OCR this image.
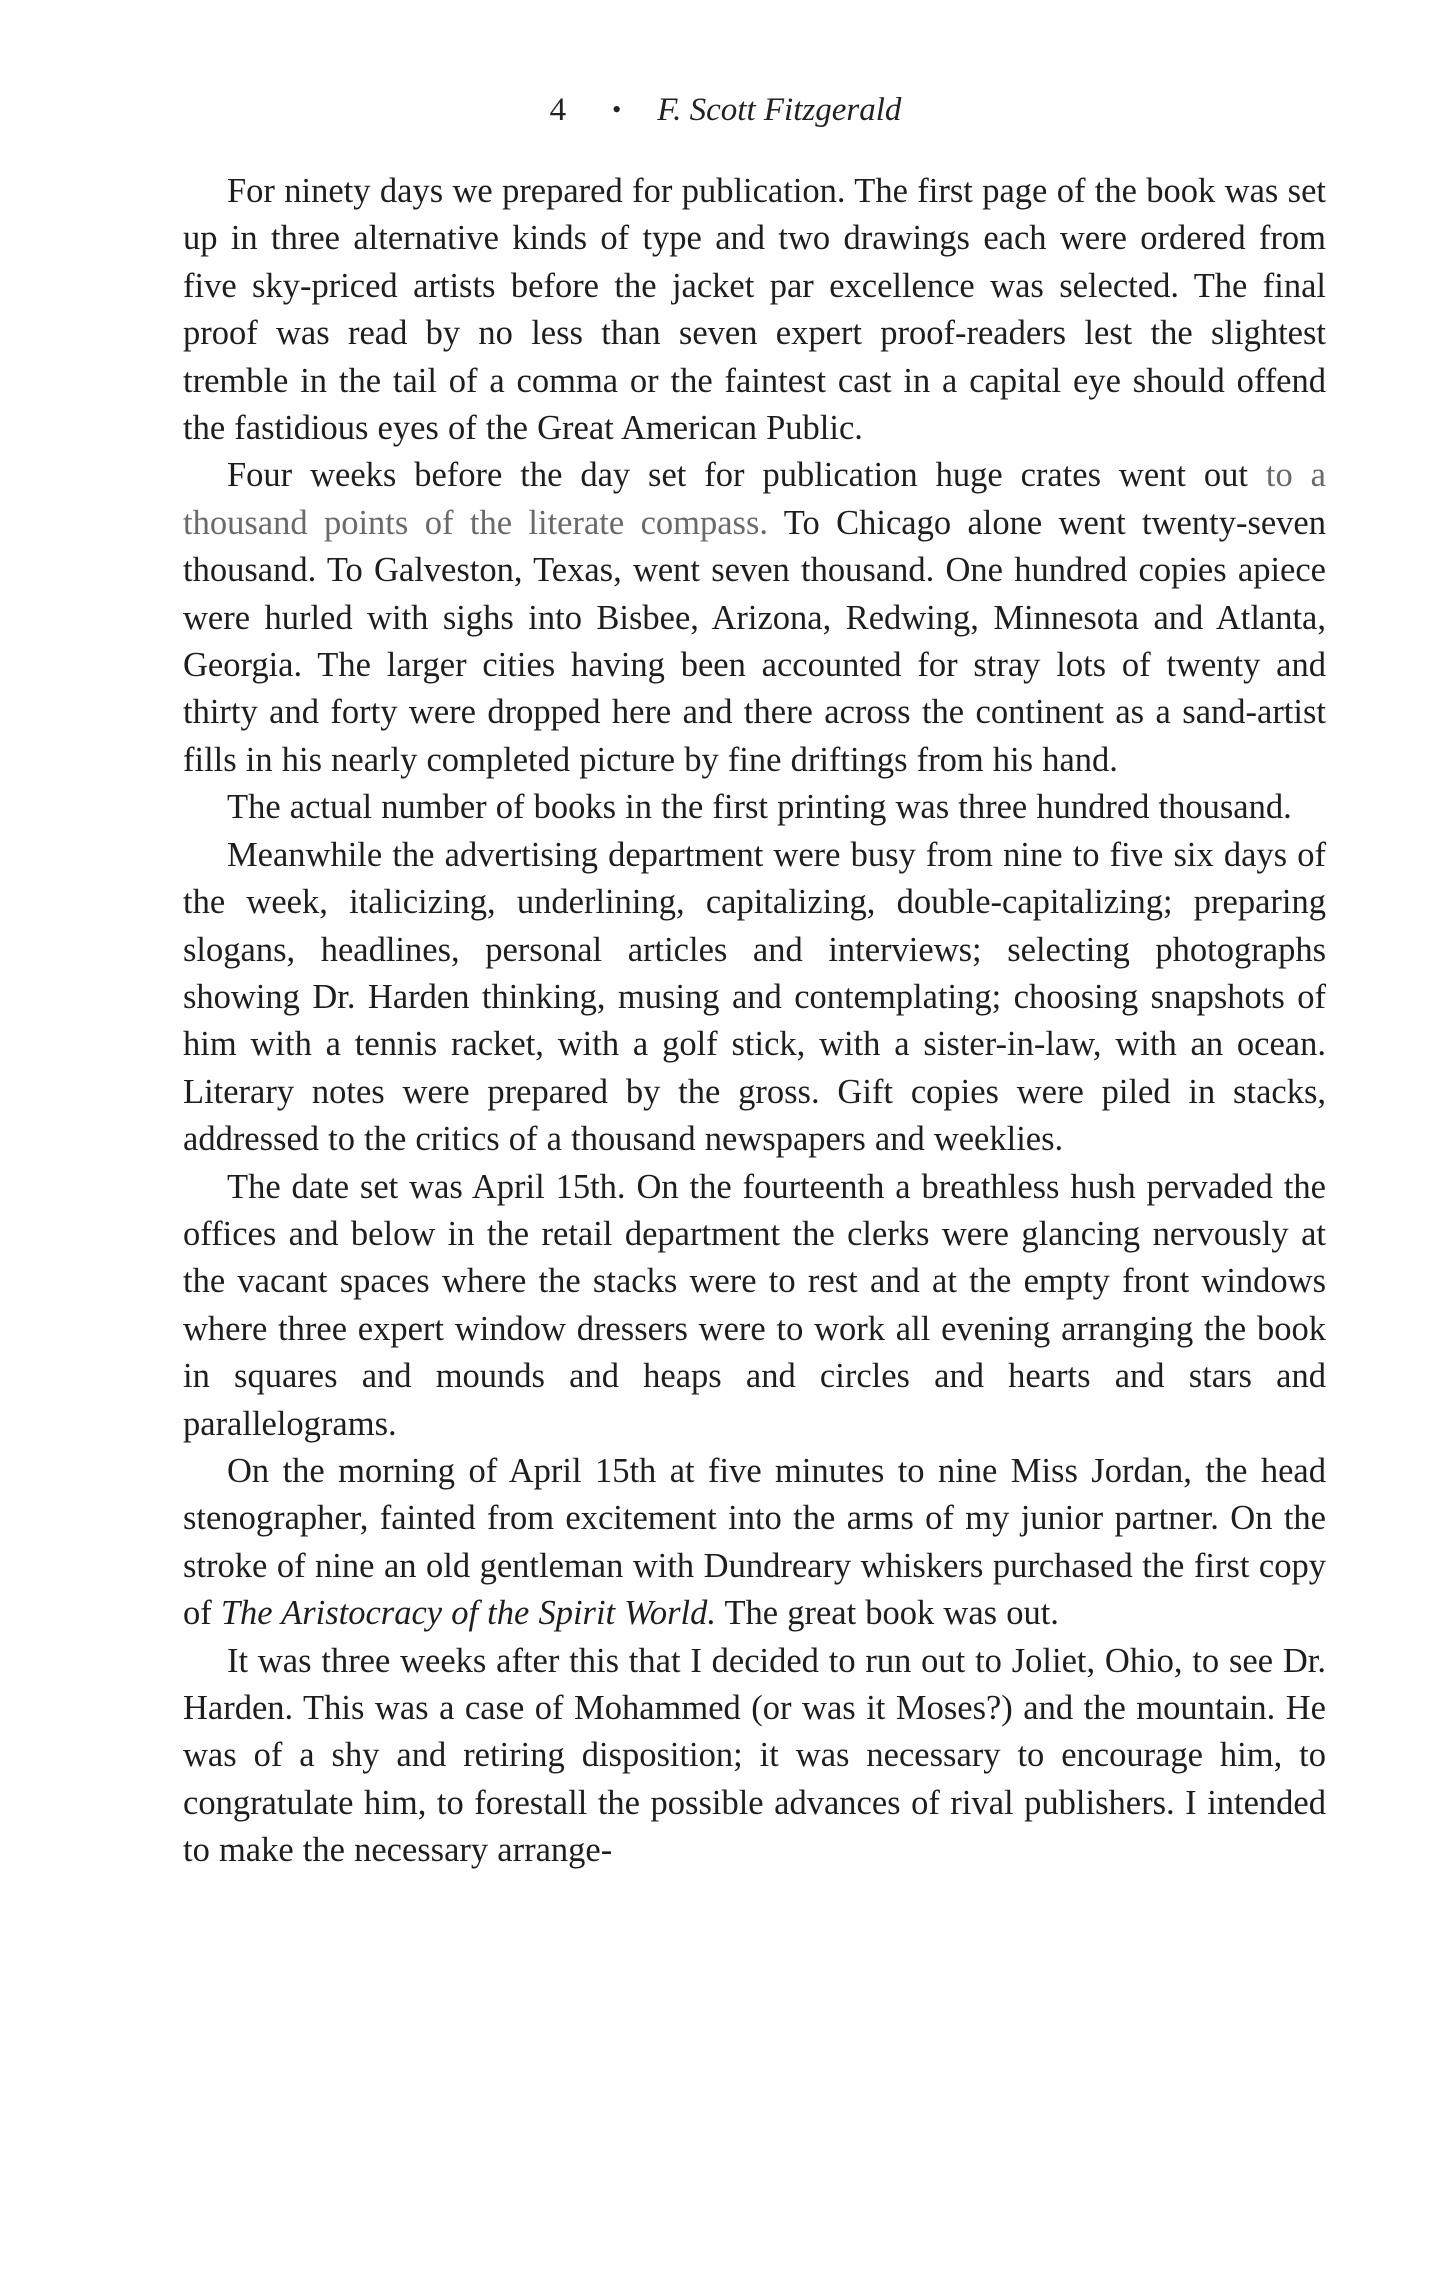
4 • F. Scott Fitzgerald

For ninety days we prepared for publication. The first page of the book was set up in three alternative kinds of type and two drawings each were ordered from five sky-priced artists before the jacket par excellence was selected. The final proof was read by no less than seven expert proof-readers lest the slightest tremble in the tail of a comma or the faintest cast in a capital eye should offend the fastidious eyes of the Great American Public.

Four weeks before the day set for publication huge crates went out to a thousand points of the literate compass. To Chicago alone went twenty-seven thousand. To Galveston, Texas, went seven thousand. One hundred copies apiece were hurled with sighs into Bisbee, Arizona, Redwing, Minnesota and Atlanta, Georgia. The larger cities having been accounted for stray lots of twenty and thirty and forty were dropped here and there across the continent as a sand-artist fills in his nearly completed picture by fine driftings from his hand.

The actual number of books in the first printing was three hundred thousand.

Meanwhile the advertising department were busy from nine to five six days of the week, italicizing, underlining, capitalizing, double-capitalizing; preparing slogans, headlines, personal articles and interviews; selecting photographs showing Dr. Harden thinking, musing and contemplating; choosing snapshots of him with a tennis racket, with a golf stick, with a sister-in-law, with an ocean. Literary notes were prepared by the gross. Gift copies were piled in stacks, addressed to the critics of a thousand newspapers and weeklies.

The date set was April 15th. On the fourteenth a breathless hush pervaded the offices and below in the retail department the clerks were glancing nervously at the vacant spaces where the stacks were to rest and at the empty front windows where three expert window dressers were to work all evening arranging the book in squares and mounds and heaps and circles and hearts and stars and parallelograms.

On the morning of April 15th at five minutes to nine Miss Jordan, the head stenographer, fainted from excitement into the arms of my junior partner. On the stroke of nine an old gentleman with Dundreary whiskers purchased the first copy of The Aristocracy of the Spirit World. The great book was out.

It was three weeks after this that I decided to run out to Joliet, Ohio, to see Dr. Harden. This was a case of Mohammed (or was it Moses?) and the mountain. He was of a shy and retiring disposition; it was necessary to encourage him, to congratulate him, to forestall the possible advances of rival publishers. I intended to make the necessary arrange-
